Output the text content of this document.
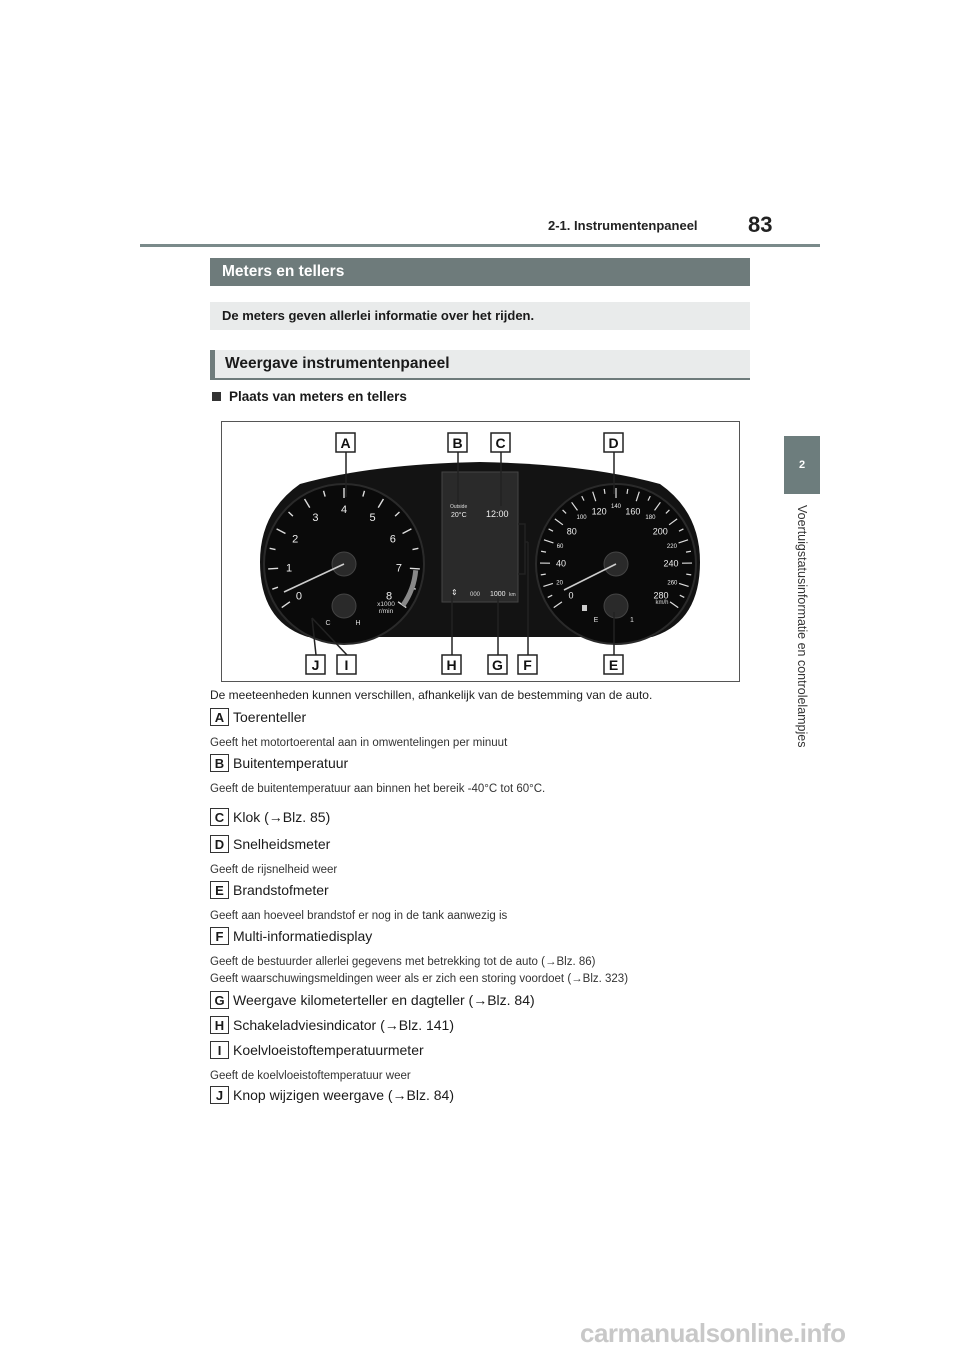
2-1. Instrumentenpaneel 83
2
Voertuigstatusinformatie en controlelampjes
Meters en tellers
De meters geven allerlei informatie over het rijden.
Weergave instrumentenpaneel
Plaats van meters en tellers
0
1
2
3
4
5
6
7
8
x1000
r/min
C	H
0
20
40
60
80
100
120 140 160
180
200
220
240
260
280
km/h
E	1
Outside
20°C 12:00
⇕ 000 1000 km
A	B C	D
J I	H	G F	E
De meeteenheden kunnen verschillen, afhankelijk van de bestemming van de auto.
A Toerenteller
Geeft het motortoerental aan in omwentelingen per minuut
B Buitentemperatuur
Geeft de buitentemperatuur aan binnen het bereik -40°C tot 60°C.
C Klok (→Blz. 85)
D Snelheidsmeter
Geeft de rijsnelheid weer
E Brandstofmeter
Geeft aan hoeveel brandstof er nog in de tank aanwezig is
F Multi-informatiedisplay
Geeft de bestuurder allerlei gegevens met betrekking tot de auto (→Blz. 86)
Geeft waarschuwingsmeldingen weer als er zich een storing voordoet (→Blz. 323)
G Weergave kilometerteller en dagteller (→Blz. 84)
H Schakeladviesindicator (→Blz. 141)
I Koelvloeistoftemperatuurmeter
Geeft de koelvloeistoftemperatuur weer
J Knop wijzigen weergave (→Blz. 84)
carmanualsonline.info
